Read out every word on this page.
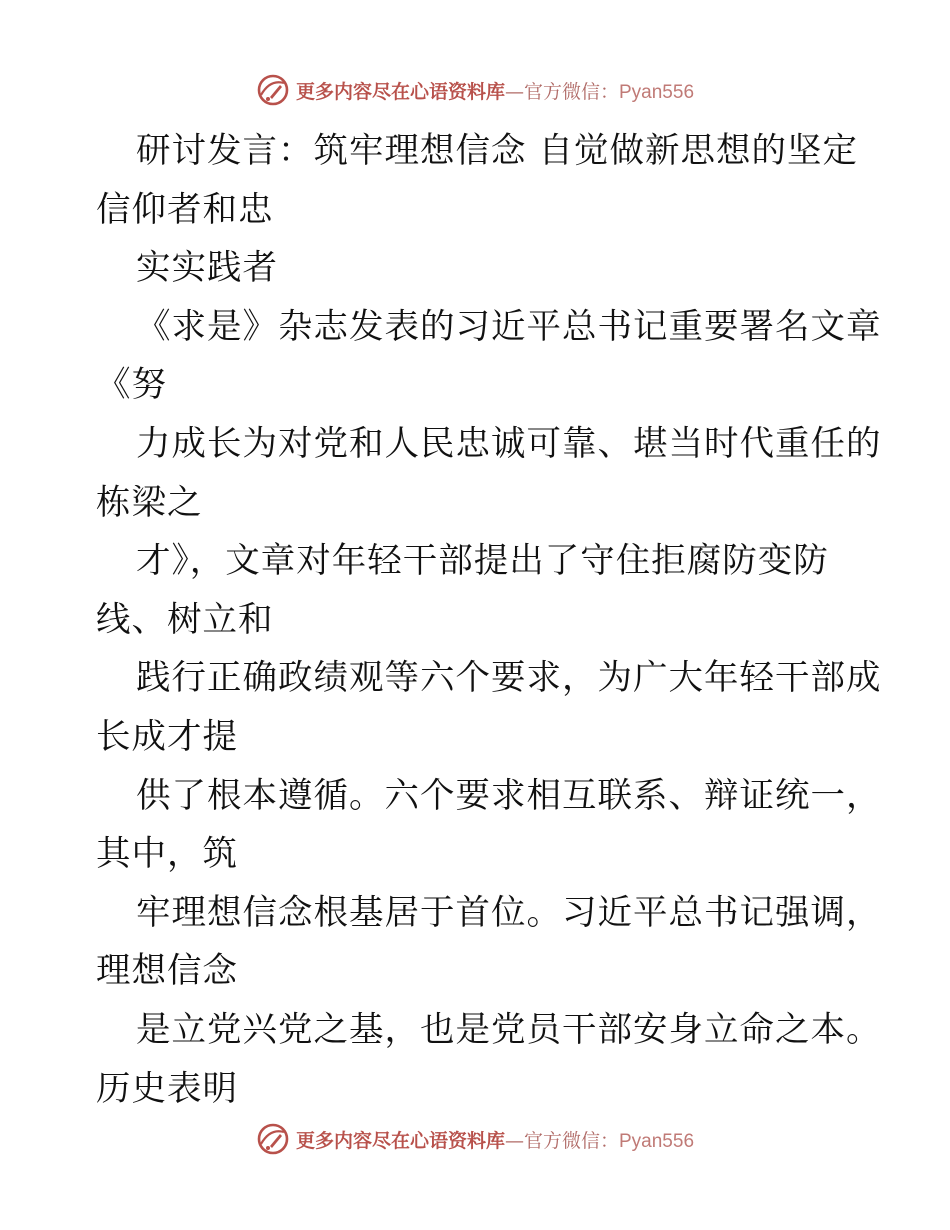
更多内容尽在心语资料库—官方微信：Pyan556
研讨发言：筑牢理想信念 自觉做新思想的坚定
信仰者和忠
实实践者
《求是》杂志发表的习近平总书记重要署名文章
《努
力成长为对党和人民忠诚可靠、堪当时代重任的
栋梁之
才》，文章对年轻干部提出了守住拒腐防变防
线、树立和
践行正确政绩观等六个要求，为广大年轻干部成
长成才提
供了根本遵循。六个要求相互联系、辩证统一，
其中，筑
牢理想信念根基居于首位。习近平总书记强调，
理想信念
是立党兴党之基，也是党员干部安身立命之本。
历史表明
更多内容尽在心语资料库—官方微信：Pyan556
